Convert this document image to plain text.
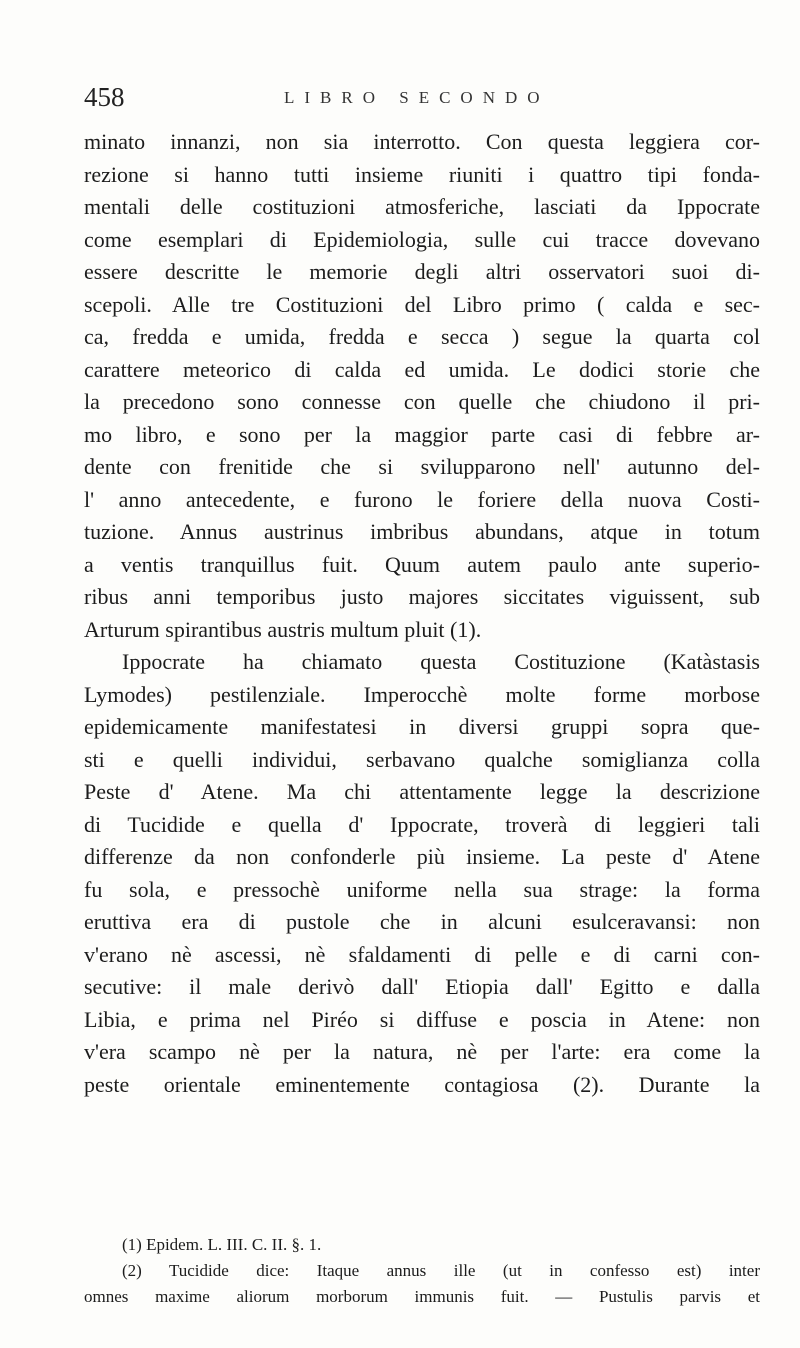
458	LIBRO SECONDO
minato innanzi, non sia interrotto. Con questa leggiera cor-
rezione si hanno tutti insieme riuniti i quattro tipi fonda-
mentali delle costituzioni atmosferiche, lasciati da Ippocrate
come esemplari di Epidemiologia, sulle cui tracce dovevano
essere descritte le memorie degli altri osservatori suoi di-
scepoli. Alle tre Costituzioni del Libro primo ( calda e sec-
ca, fredda e umida, fredda e secca ) segue la quarta col
carattere meteorico di calda ed umida. Le dodici storie che
la precedono sono connesse con quelle che chiudono il pri-
mo libro, e sono per la maggior parte casi di febbre ar-
dente con frenitide che si svilupparono nell' autunno del-
l' anno antecedente, e furono le foriere della nuova Costi-
tuzione. Annus austrinus imbribus abundans, atque in totum
a ventis tranquillus fuit. Quum autem paulo ante superio-
ribus anni temporibus justo majores siccitates viguissent, sub
Arturum spirantibus austris multum pluit (1).
Ippocrate ha chiamato questa Costituzione (Katàstasis
Lymodes) pestilenziale. Imperocchè molte forme morbose
epidemicamente manifestatesi in diversi gruppi sopra que-
sti e quelli individui, serbavano qualche somiglianza colla
Peste d' Atene. Ma chi attentamente legge la descrizione
di Tucidide e quella d' Ippocrate, troverà di leggieri tali
differenze da non confonderle più insieme. La peste d' Atene
fu sola, e pressochè uniforme nella sua strage: la forma
eruttiva era di pustole che in alcuni esulceravansi: non
v'erano nè ascessi, nè sfaldamenti di pelle e di carni con-
secutive: il male derivò dall' Etiopia dall' Egitto e dalla
Libia, e prima nel Piréo si diffuse e poscia in Atene: non
v'era scampo nè per la natura, nè per l'arte: era come la
peste orientale eminentemente contagiosa (2). Durante la
(1) Epidem. L. III. C. II. §. 1.
(2) Tucidide dice: Itaque annus ille (ut in confesso est) inter
omnes maxime aliorum morborum immunis fuit. — Pustulis parvis et
